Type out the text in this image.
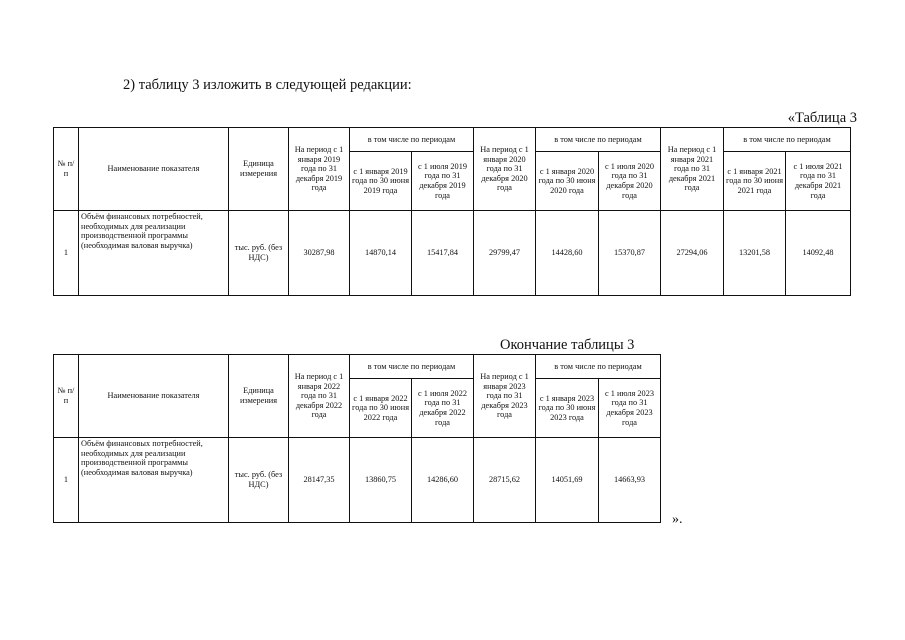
2) таблицу 3 изложить в следующей редакции:
«Таблица 3
№ п/п	Наименование показателя	Единица измерения	На период с 1 января 2019 года по 31 декабря 2019 года	в том числе по периодам		На период с 1 января 2020 года по 31 декабря 2020 года	в том числе по периодам		На период с 1 января 2021 года по 31 декабря 2021 года	в том числе по периодам	
				с 1 января 2019 года по 30 июня 2019 года	с 1 июля 2019 года по 31 декабря 2019 года		с 1 января 2020 года по 30 июня 2020 года	с 1 июля 2020 года по 31 декабря 2020 года		с 1 января 2021 года по 30 июня 2021 года	с 1 июля 2021 года по 31 декабря 2021 года
1	Объём финансовых потребностей, необходимых для реализации производственной программы (необходимая валовая выручка)	тыс. руб. (без НДС)	30287,98	14870,14	15417,84	29799,47	14428,60	15370,87	27294,06	13201,58	14092,48
Окончание таблицы 3
№ п/п	Наименование показателя	Единица измерения	На период с 1 января 2022 года по 31 декабря 2022 года	в том числе по периодам		На период с 1 января 2023 года по 31 декабря 2023 года	в том числе по периодам	
				с 1 января 2022 года по 30 июня 2022 года	с 1 июля 2022 года по 31 декабря 2022 года		с 1 января 2023 года по 30 июня 2023 года	с 1 июля 2023 года по 31 декабря 2023 года
1	Объём финансовых потребностей, необходимых для реализации производственной программы (необходимая валовая выручка)	тыс. руб. (без НДС)	28147,35	13860,75	14286,60	28715,62	14051,69	14663,93
».
